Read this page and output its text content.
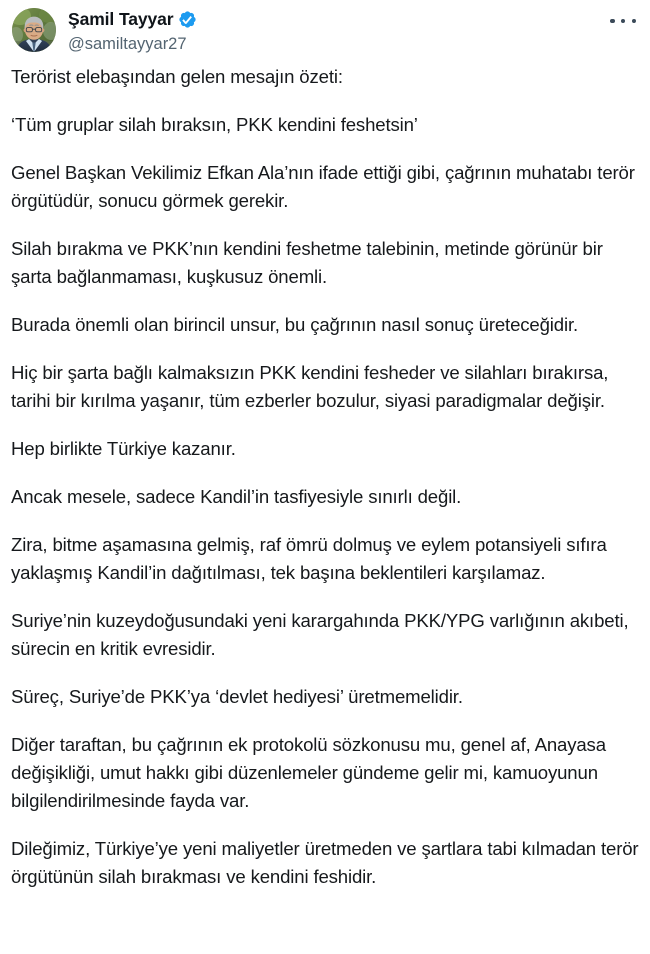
Şamil Tayyar
@samiltayyar27

Terörist elebaşından gelen mesajın özeti:

‘Tüm gruplar silah bıraksın, PKK kendini feshetsin’

Genel Başkan Vekilimiz Efkan Ala’nın ifade ettiği gibi, çağrının muhatabı terör örgütüdür, sonucu görmek gerekir.

Silah bırakma ve PKK’nın kendini feshetme talebinin, metinde görünür bir şarta bağlanmaması, kuşkusuz önemli.

Burada önemli olan birincil unsur, bu çağrının nasıl sonuç üreteceğidir.

Hiç bir şarta bağlı kalmaksızın PKK kendini fesheder ve silahları bırakırsa, tarihi bir kırılma yaşanır, tüm ezberler bozulur, siyasi paradigmalar değişir.

Hep birlikte Türkiye kazanır.

Ancak mesele, sadece Kandil’in tasfiyesiyle sınırlı değil.

Zira, bitme aşamasına gelmiş, raf ömrü dolmuş ve eylem potansiyeli sıfıra yaklaşmış Kandil’in dağıtılması, tek başına beklentileri karşılamaz.

Suriye’nin kuzeydoğusundaki yeni karargahında PKK/YPG varlığının akıbeti, sürecin en kritik evresidir.

Süreç, Suriye’de PKK’ya ‘devlet hediyesi’ üretmemelidir.

Diğer taraftan, bu çağrının ek protokolü sözkonusu mu, genel af, Anayasa değişikliği, umut hakkı gibi düzenlemeler gündeme gelir mi, kamuoyunun bilgilendirilmesinde fayda var.

Dileğimiz, Türkiye’ye yeni maliyetler üretmeden ve şartlara tabi kılmadan terör örgütünün silah bırakması ve kendini feshidir.
